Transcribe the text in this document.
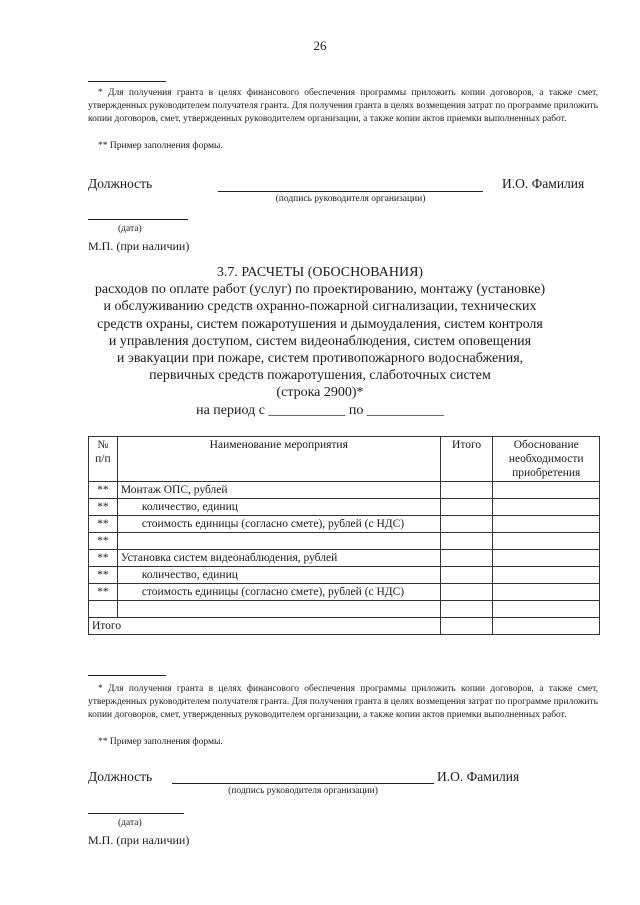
26
* Для получения гранта в целях финансового обеспечения программы приложить копии договоров, а также смет, утвержденных руководителем получателя гранта. Для получения гранта в целях возмещения затрат по программе приложить копии договоров, смет, утвержденных руководителем организации, а также копии актов приемки выполненных работ.
** Пример заполнения формы.
Должность
(подпись руководителя организации)
И.О. Фамилия
(дата)
М.П. (при наличии)
3.7. РАСЧЕТЫ (ОБОСНОВАНИЯ)
расходов по оплате работ (услуг) по проектированию, монтажу (установке)
и обслуживанию средств охранно-пожарной сигнализации, технических
средств охраны, систем пожаротушения и дымоудаления, систем контроля
и управления доступом, систем видеонаблюдения, систем оповещения
и эвакуации при пожаре, систем противопожарного водоснабжения,
первичных средств пожаротушения, слаботочных систем
(строка 2900)*
на период с ___________ по ___________
№ п/п	Наименование мероприятия	Итого	Обоснование необходимости приобретения
**	Монтаж ОПС, рублей		
**	количество, единиц		
**	стоимость единицы (согласно смете), рублей (с НДС)		
**			
**	Установка систем видеонаблюдения, рублей		
**	количество, единиц		
**	стоимость единицы (согласно смете), рублей (с НДС)		

Итого			
* Для получения гранта в целях финансового обеспечения программы приложить копии договоров, а также смет, утвержденных руководителем получателя гранта. Для получения гранта в целях возмещения затрат по программе приложить копии договоров, смет, утвержденных руководителем организации, а также копии актов приемки выполненных работ.
** Пример заполнения формы.
Должность
(подпись руководителя организации)
И.О. Фамилия
(дата)
М.П. (при наличии)
